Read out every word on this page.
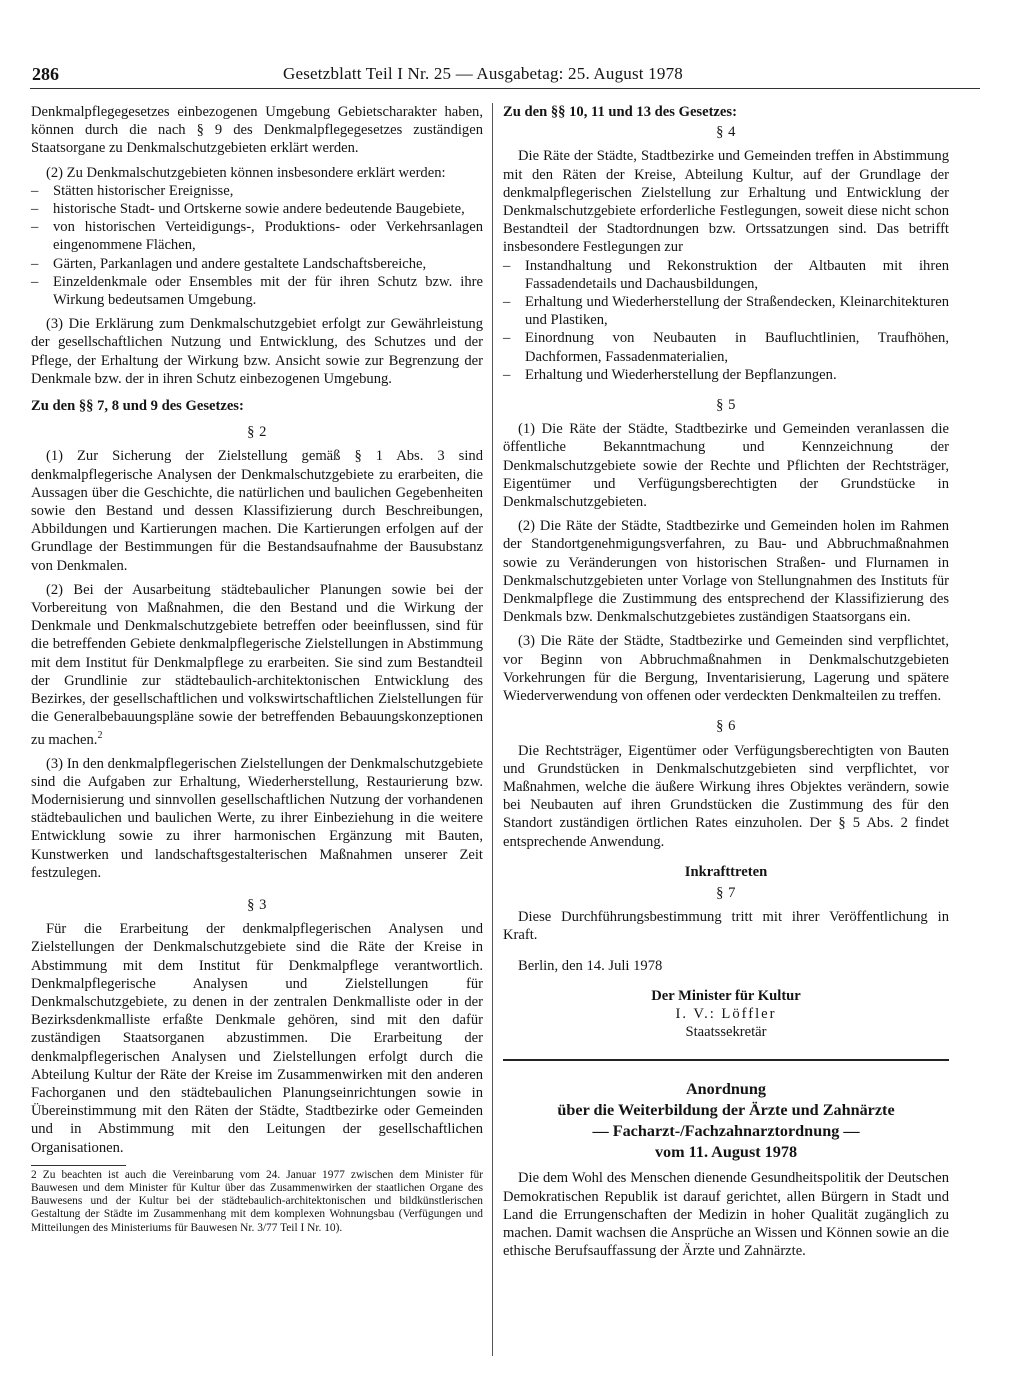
286	Gesetzblatt Teil I Nr. 25 — Ausgabetag: 25. August 1978

Denkmalpflegegesetzes einbezogenen Umgebung Gebietscharakter haben, können durch die nach § 9 des Denkmalpflegegesetzes zuständigen Staatsorgane zu Denkmalschutzgebieten erklärt werden.

(2) Zu Denkmalschutzgebieten können insbesondere erklärt werden:

–	Stätten historischer Ereignisse,
–	historische Stadt- und Ortskerne sowie andere bedeutende Baugebiete,
–	von historischen Verteidigungs-, Produktions- oder Verkehrsanlagen eingenommene Flächen,
–	Gärten, Parkanlagen und andere gestaltete Landschaftsbereiche,
–	Einzeldenkmale oder Ensembles mit der für ihren Schutz bzw. ihre Wirkung bedeutsamen Umgebung.

(3) Die Erklärung zum Denkmalschutzgebiet erfolgt zur Gewährleistung der gesellschaftlichen Nutzung und Entwicklung, des Schutzes und der Pflege, der Erhaltung der Wirkung bzw. Ansicht sowie zur Begrenzung der Denkmale bzw. der in ihren Schutz einbezogenen Umgebung.

Zu den §§ 7, 8 und 9 des Gesetzes:

§ 2

(1) Zur Sicherung der Zielstellung gemäß § 1 Abs. 3 sind denkmalpflegerische Analysen der Denkmalschutzgebiete zu erarbeiten, die Aussagen über die Geschichte, die natürlichen und baulichen Gegebenheiten sowie den Bestand und dessen Klassifizierung durch Beschreibungen, Abbildungen und Kartierungen machen. Die Kartierungen erfolgen auf der Grundlage der Bestimmungen für die Bestandsaufnahme der Bausubstanz von Denkmalen.

(2) Bei der Ausarbeitung städtebaulicher Planungen sowie bei der Vorbereitung von Maßnahmen, die den Bestand und die Wirkung der Denkmale und Denkmalschutzgebiete betreffen oder beeinflussen, sind für die betreffenden Gebiete denkmalpflegerische Zielstellungen in Abstimmung mit dem Institut für Denkmalpflege zu erarbeiten. Sie sind zum Bestandteil der Grundlinie zur städtebaulich-architektonischen Entwicklung des Bezirkes, der gesellschaftlichen und volkswirtschaftlichen Zielstellungen für die Generalbebauungspläne sowie der betreffenden Bebauungskonzeptionen zu machen.$^2$

(3) In den denkmalpflegerischen Zielstellungen der Denkmalschutzgebiete sind die Aufgaben zur Erhaltung, Wiederherstellung, Restaurierung bzw. Modernisierung und sinnvollen gesellschaftlichen Nutzung der vorhandenen städtebaulichen und baulichen Werte, zu ihrer Einbeziehung in die weitere Entwicklung sowie zu ihrer harmonischen Ergänzung mit Bauten, Kunstwerken und landschaftsgestalterischen Maßnahmen unserer Zeit festzulegen.

§ 3

Für die Erarbeitung der denkmalpflegerischen Analysen und Zielstellungen der Denkmalschutzgebiete sind die Räte der Kreise in Abstimmung mit dem Institut für Denkmalpflege verantwortlich. Denkmalpflegerische Analysen und Zielstellungen für Denkmalschutzgebiete, zu denen in der zentralen Denkmalliste oder in der Bezirksdenkmalliste erfaßte Denkmale gehören, sind mit den dafür zuständigen Staatsorganen abzustimmen. Die Erarbeitung der denkmalpflegerischen Analysen und Zielstellungen erfolgt durch die Abteilung Kultur der Räte der Kreise im Zusammenwirken mit den anderen Fachorganen und den städtebaulichen Planungseinrichtungen sowie in Übereinstimmung mit den Räten der Städte, Stadtbezirke oder Gemeinden und in Abstimmung mit den Leitungen der gesellschaftlichen Organisationen.

2 Zu beachten ist auch die Vereinbarung vom 24. Januar 1977 zwischen dem Minister für Bauwesen und dem Minister für Kultur über das Zusammenwirken der staatlichen Organe des Bauwesens und der Kultur bei der städtebaulich-architektonischen und bildkünstlerischen Gestaltung der Städte im Zusammenhang mit dem komplexen Wohnungsbau (Verfügungen und Mitteilungen des Ministeriums für Bauwesen Nr. 3/77 Teil I Nr. 10).

Zu den §§ 10, 11 und 13 des Gesetzes:

§ 4

Die Räte der Städte, Stadtbezirke und Gemeinden treffen in Abstimmung mit den Räten der Kreise, Abteilung Kultur, auf der Grundlage der denkmalpflegerischen Zielstellung zur Erhaltung und Entwicklung der Denkmalschutzgebiete erforderliche Festlegungen, soweit diese nicht schon Bestandteil der Stadtordnungen bzw. Ortssatzungen sind. Das betrifft insbesondere Festlegungen zur

–	Instandhaltung und Rekonstruktion der Altbauten mit ihren Fassadendetails und Dachausbildungen,
–	Erhaltung und Wiederherstellung der Straßendecken, Kleinarchitekturen und Plastiken,
–	Einordnung von Neubauten in Baufluchtlinien, Traufhöhen, Dachformen, Fassadenmaterialien,
–	Erhaltung und Wiederherstellung der Bepflanzungen.

§ 5

(1) Die Räte der Städte, Stadtbezirke und Gemeinden veranlassen die öffentliche Bekanntmachung und Kennzeichnung der Denkmalschutzgebiete sowie der Rechte und Pflichten der Rechtsträger, Eigentümer und Verfügungsberechtigten der Grundstücke in Denkmalschutzgebieten.

(2) Die Räte der Städte, Stadtbezirke und Gemeinden holen im Rahmen der Standortgenehmigungsverfahren, zu Bau- und Abbruchmaßnahmen sowie zu Veränderungen von historischen Straßen- und Flurnamen in Denkmalschutzgebieten unter Vorlage von Stellungnahmen des Instituts für Denkmalpflege die Zustimmung des entsprechend der Klassifizierung des Denkmals bzw. Denkmalschutzgebietes zuständigen Staatsorgans ein.

(3) Die Räte der Städte, Stadtbezirke und Gemeinden sind verpflichtet, vor Beginn von Abbruchmaßnahmen in Denkmalschutzgebieten Vorkehrungen für die Bergung, Inventarisierung, Lagerung und spätere Wiederverwendung von offenen oder verdeckten Denkmalteilen zu treffen.

§ 6

Die Rechtsträger, Eigentümer oder Verfügungsberechtigten von Bauten und Grundstücken in Denkmalschutzgebieten sind verpflichtet, vor Maßnahmen, welche die äußere Wirkung ihres Objektes verändern, sowie bei Neubauten auf ihren Grundstücken die Zustimmung des für den Standort zuständigen örtlichen Rates einzuholen. Der § 5 Abs. 2 findet entsprechende Anwendung.

Inkrafttreten

§ 7

Diese Durchführungsbestimmung tritt mit ihrer Veröffentlichung in Kraft.

Berlin, den 14. Juli 1978

Der Minister für Kultur

I. V.: Löffler

Staatssekretär

Anordnung

über die Weiterbildung der Ärzte und Zahnärzte

— Facharzt-/Fachzahnarztordnung —

vom 11. August 1978

Die dem Wohl des Menschen dienende Gesundheitspolitik der Deutschen Demokratischen Republik ist darauf gerichtet, allen Bürgern in Stadt und Land die Errungenschaften der Medizin in hoher Qualität zugänglich zu machen. Damit wachsen die Ansprüche an Wissen und Können sowie an die ethische Berufsauffassung der Ärzte und Zahnärzte.
